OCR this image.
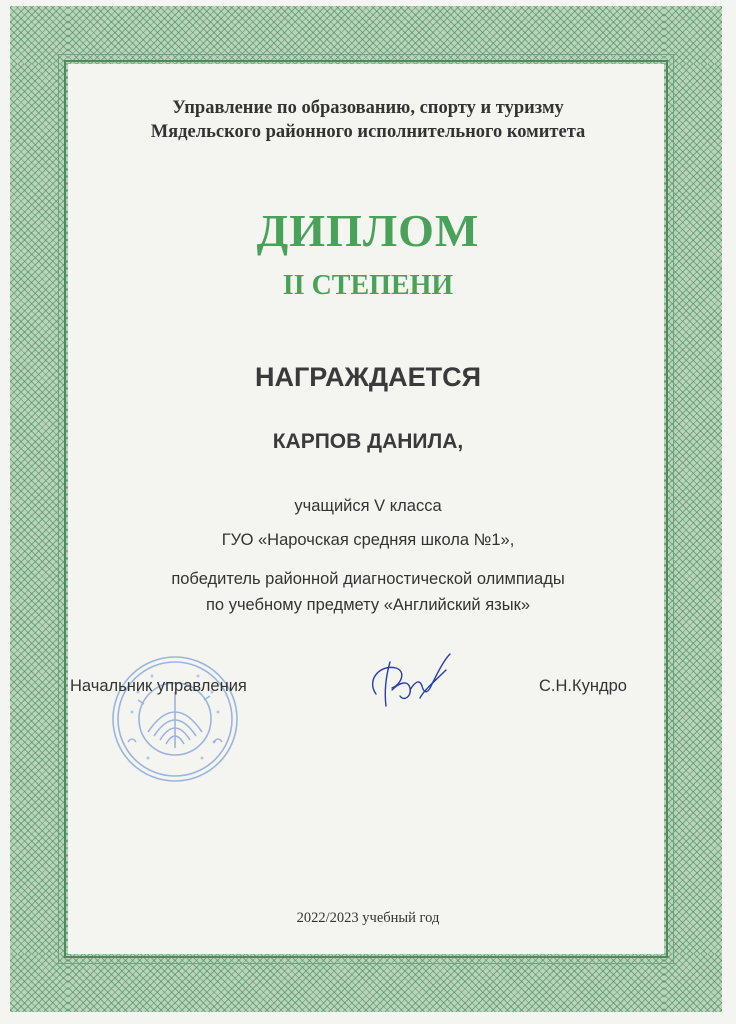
Управление по образованию, спорту и туризму
Мядельского районного исполнительного комитета
ДИПЛОМ
II СТЕПЕНИ
НАГРАЖДАЕТСЯ
КАРПОВ ДАНИЛА,
учащийся V класса
ГУО «Нарочская средняя школа №1»,
победитель районной диагностической олимпиады
по учебному предмету «Английский язык»
Начальник управления	С.Н.Кундро
2022/2023 учебный год
